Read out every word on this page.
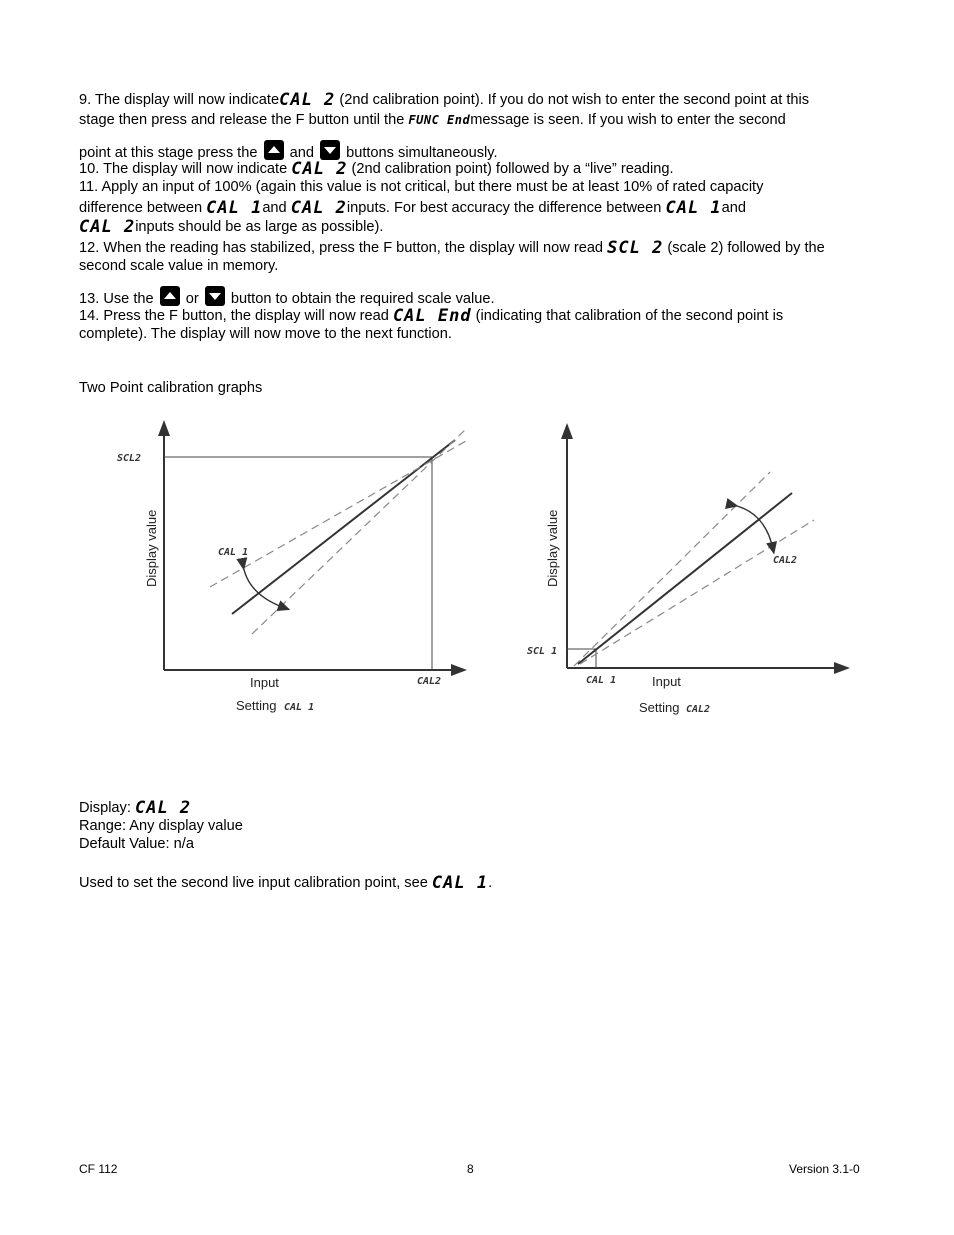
9. The display will now indicateCAL 2 (2nd calibration point). If you do not wish to enter the second point at this
stage then press and release the F button until the FUNC Endmessage is seen. If you wish to enter the second
point at this stage press the and buttons simultaneously.
10. The display will now indicate CAL 2 (2nd calibration point) followed by a “live” reading.
11. Apply an input of 100% (again this value is not critical, but there must be at least 10% of rated capacity
difference between CAL 1and CAL 2inputs. For best accuracy the difference between CAL 1and
CAL 2inputs should be as large as possible).
12. When the reading has stabilized, press the F button, the display will now read SCL 2 (scale 2) followed by the
second scale value in memory.
13. Use the or button to obtain the required scale value.
14. Press the F button, the display will now read CAL End (indicating that calibration of the second point is
complete). The display will now move to the next function.
Two Point calibration graphs
SCL2
CAL2
CAL 1
Display value
Input
Setting CAL 1
SCL 1
CAL 1
CAL2
Display value
Input
Setting CAL2
Display: CAL 2
Range: Any display value
Default Value: n/a
Used to set the second live input calibration point, see CAL 1.
CF 112	8	Version 3.1-0
